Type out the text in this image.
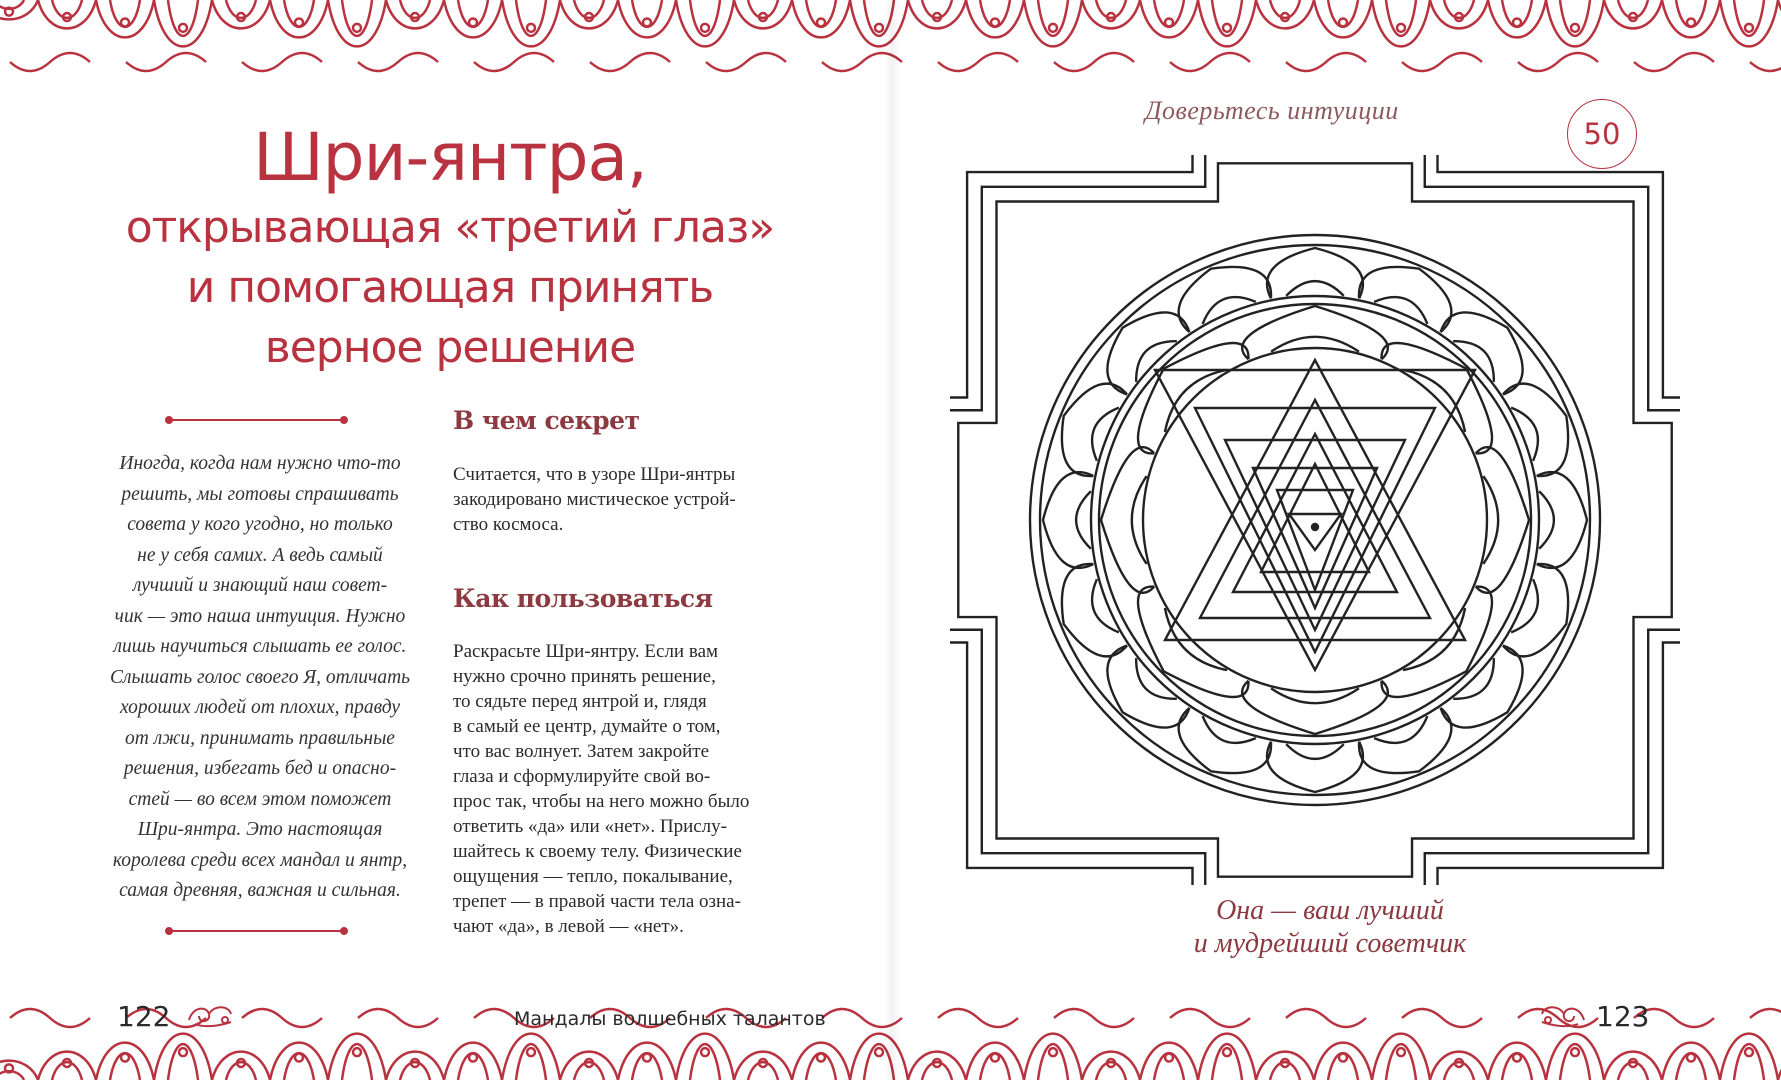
Шри-янтра,
открывающая «третий глаз»
и помогающая принять
верное решение
Иногда, когда нам нужно что-то
решить, мы готовы спрашивать
совета у кого угодно, но только
не у себя самих. А ведь самый
лучший и знающий наш совет-
чик — это наша интуиция. Нужно
лишь научиться слышать ее голос.
Слышать голос своего Я, отличать
хороших людей от плохих, правду
от лжи, принимать правильные
решения, избегать бед и опасно-
стей — во всем этом поможет
Шри-янтра. Это настоящая
королева среди всех мандал и янтр,
самая древняя, важная и сильная.
В чем секрет
Считается, что в узоре Шри-янтры
закодировано мистическое устрой-
ство космоса.
Как пользоваться
Раскрасьте Шри-янтру. Если вам
нужно срочно принять решение,
то сядьте перед янтрой и, глядя
в самый ее центр, думайте о том,
что вас волнует. Затем закройте
глаза и сформулируйте свой во-
прос так, чтобы на него можно было
ответить «да» или «нет». Прислу-
шайтесь к своему телу. Физические
ощущения — тепло, покалывание,
трепет — в правой части тела озна-
чают «да», в левой — «нет».
122	Мандалы волшебных талантов
Доверьтесь интуиции
50
Она — ваш лучший
и мудрейший советчик
123
